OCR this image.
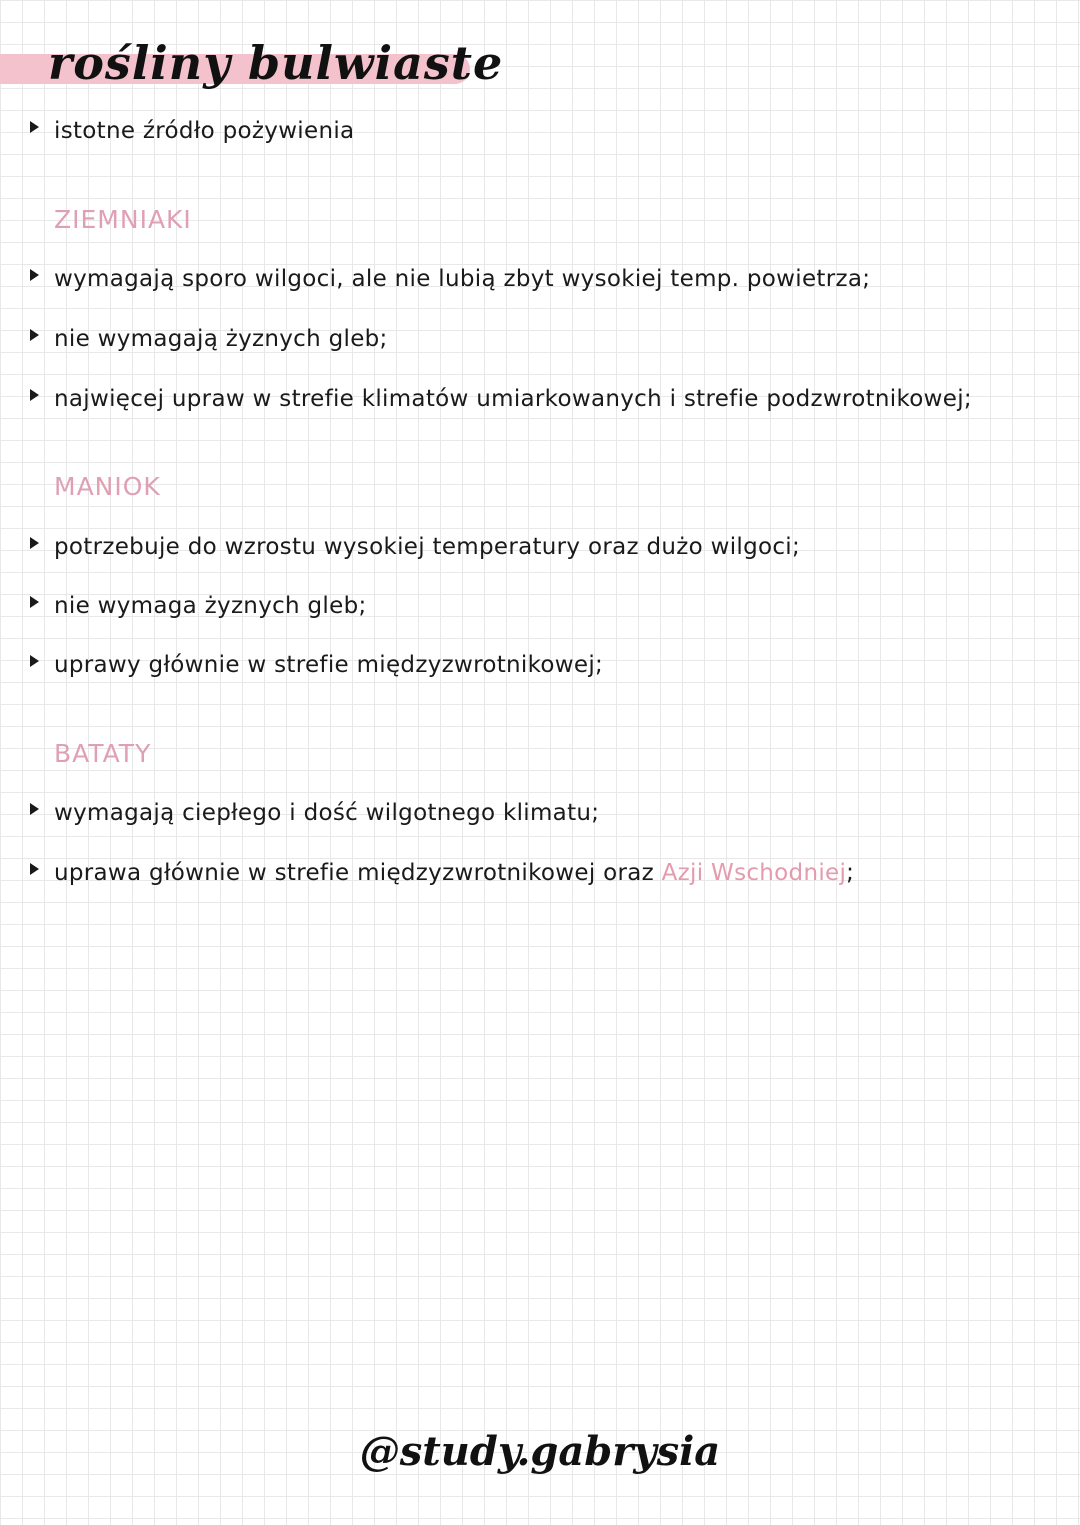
rośliny bulwiaste
istotne źródło pożywienia
ZIEMNIAKI
wymagają sporo wilgoci, ale nie lubią zbyt wysokiej temp. powietrza;
nie wymagają żyznych gleb;
najwięcej upraw w strefie klimatów umiarkowanych i strefie podzwrotnikowej;
MANIOK
potrzebuje do wzrostu wysokiej temperatury oraz dużo wilgoci;
nie wymaga żyznych gleb;
uprawy głównie w strefie międzyzwrotnikowej;
BATATY
wymagają ciepłego i dość wilgotnego klimatu;
uprawa głównie w strefie międzyzwrotnikowej oraz Azji Wschodniej;
@study.gabrysia
